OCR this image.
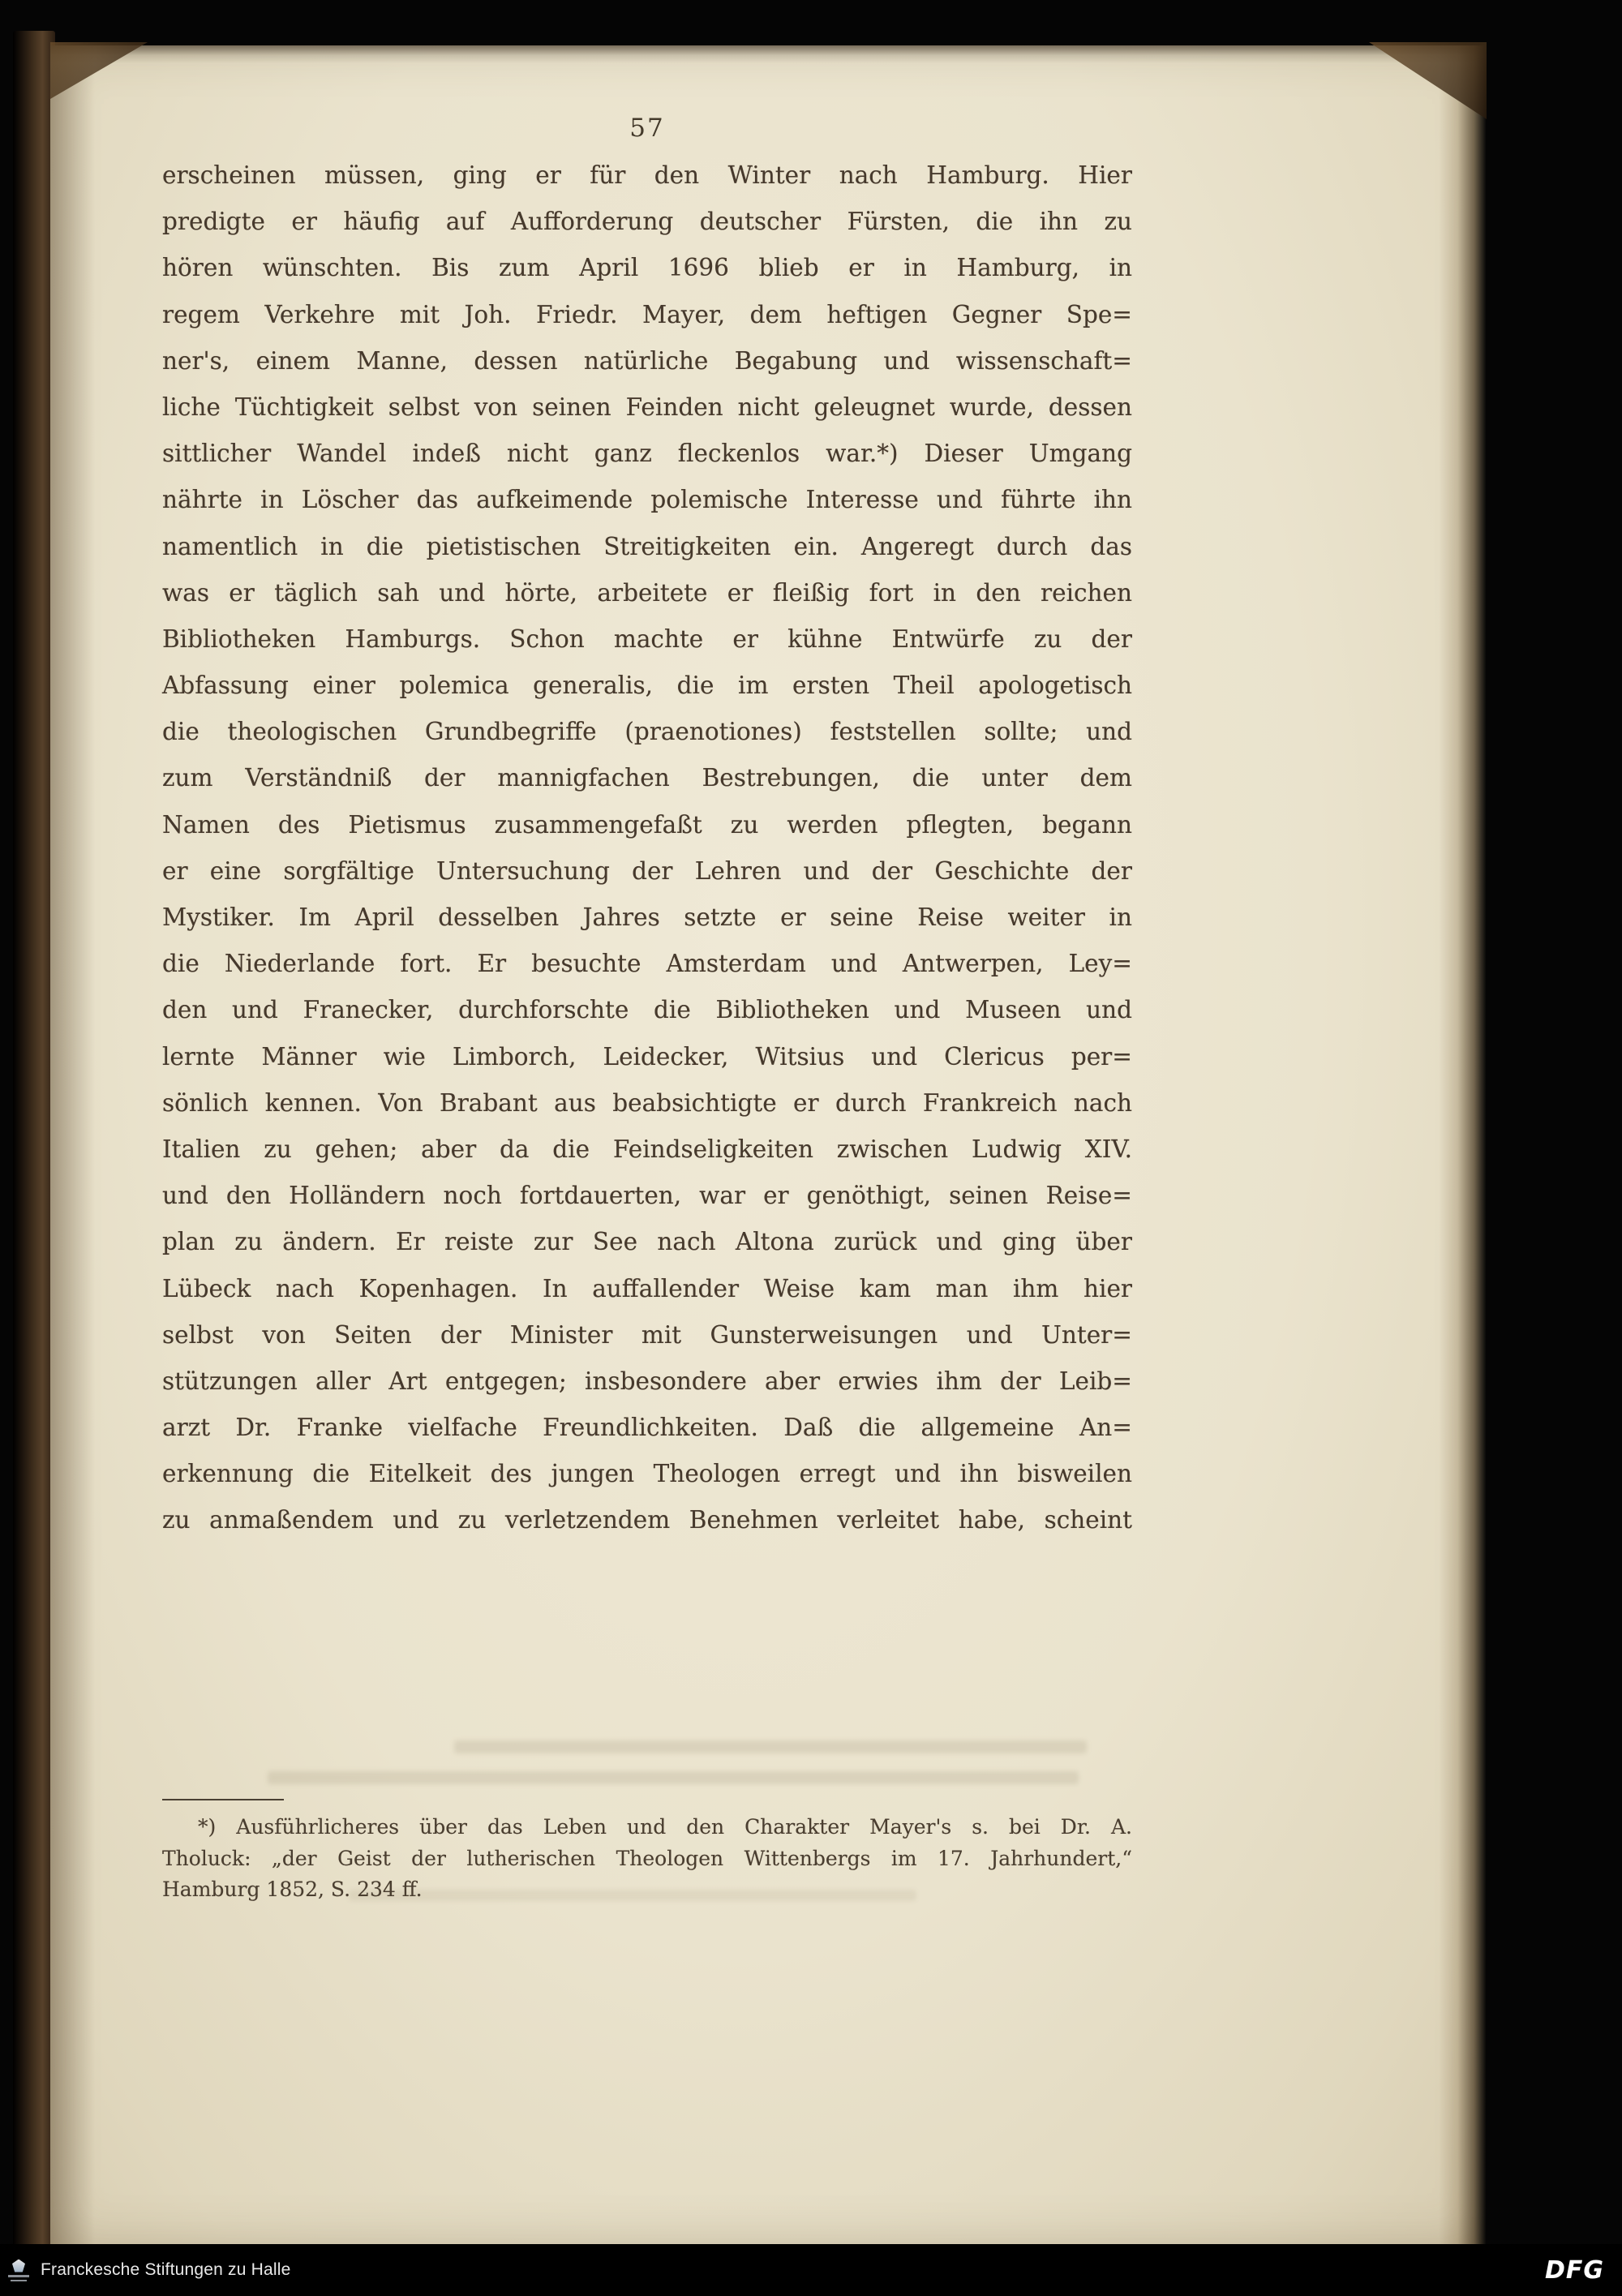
57
erscheinen müssen, ging er für den Winter nach Hamburg. Hier
predigte er häufig auf Aufforderung deutscher Fürsten, die ihn zu
hören wünschten. Bis zum April 1696 blieb er in Hamburg, in
regem Verkehre mit Joh. Friedr. Mayer, dem heftigen Gegner Spe=
ner's, einem Manne, dessen natürliche Begabung und wissenschaft=
liche Tüchtigkeit selbst von seinen Feinden nicht geleugnet wurde, dessen
sittlicher Wandel indeß nicht ganz fleckenlos war.*) Dieser Umgang
nährte in Löscher das aufkeimende polemische Interesse und führte ihn
namentlich in die pietistischen Streitigkeiten ein. Angeregt durch das
was er täglich sah und hörte, arbeitete er fleißig fort in den reichen
Bibliotheken Hamburgs. Schon machte er kühne Entwürfe zu der
Abfassung einer polemica generalis, die im ersten Theil apologetisch
die theologischen Grundbegriffe (praenotiones) feststellen sollte; und
zum Verständniß der mannigfachen Bestrebungen, die unter dem
Namen des Pietismus zusammengefaßt zu werden pflegten, begann
er eine sorgfältige Untersuchung der Lehren und der Geschichte der
Mystiker. Im April desselben Jahres setzte er seine Reise weiter in
die Niederlande fort. Er besuchte Amsterdam und Antwerpen, Ley=
den und Franecker, durchforschte die Bibliotheken und Museen und
lernte Männer wie Limborch, Leidecker, Witsius und Clericus per=
sönlich kennen. Von Brabant aus beabsichtigte er durch Frankreich nach
Italien zu gehen; aber da die Feindseligkeiten zwischen Ludwig XIV.
und den Holländern noch fortdauerten, war er genöthigt, seinen Reise=
plan zu ändern. Er reiste zur See nach Altona zurück und ging über
Lübeck nach Kopenhagen. In auffallender Weise kam man ihm hier
selbst von Seiten der Minister mit Gunsterweisungen und Unter=
stützungen aller Art entgegen; insbesondere aber erwies ihm der Leib=
arzt Dr. Franke vielfache Freundlichkeiten. Daß die allgemeine An=
erkennung die Eitelkeit des jungen Theologen erregt und ihn bisweilen
zu anmaßendem und zu verletzendem Benehmen verleitet habe, scheint
*) Ausführlicheres über das Leben und den Charakter Mayer's s. bei Dr. A.
Tholuck: „der Geist der lutherischen Theologen Wittenbergs im 17. Jahrhundert,“
Hamburg 1852, S. 234 ff.
Franckesche Stiftungen zu Halle	DFG
